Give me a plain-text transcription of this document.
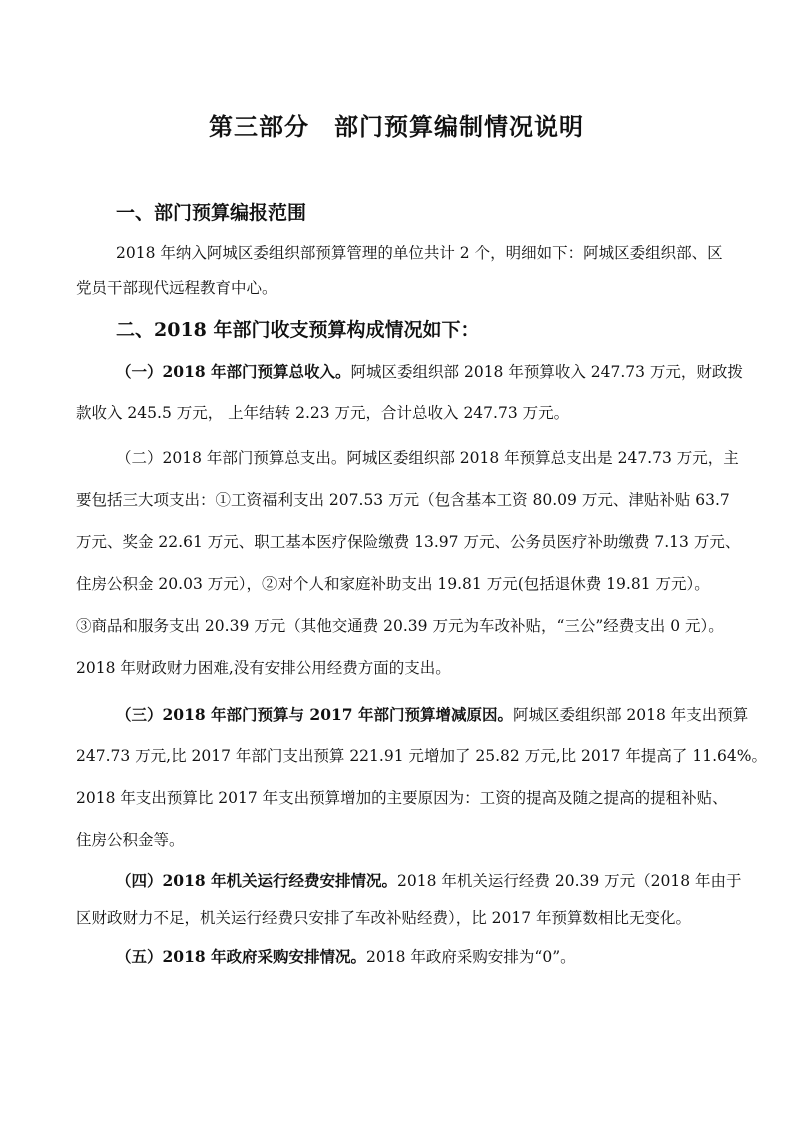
第三部分　部门预算编制情况说明
一、部门预算编报范围
2018 年纳入阿城区委组织部预算管理的单位共计 2 个，明细如下：阿城区委组织部、区
党员干部现代远程教育中心。
二、2018 年部门收支预算构成情况如下：
（一）2018 年部门预算总收入。阿城区委组织部 2018 年预算收入 247.73 万元，财政拨
款收入 245.5 万元， 上年结转 2.23 万元，合计总收入 247.73 万元。
（二）2018 年部门预算总支出。阿城区委组织部 2018 年预算总支出是 247.73 万元，主
要包括三大项支出：①工资福利支出 207.53 万元（包含基本工资 80.09 万元、津贴补贴 63.7
万元、奖金 22.61 万元、职工基本医疗保险缴费 13.97 万元、公务员医疗补助缴费 7.13 万元、
住房公积金 20.03 万元），②对个人和家庭补助支出 19.81 万元(包括退休费 19.81 万元）。
③商品和服务支出 20.39 万元（其他交通费 20.39 万元为车改补贴，“三公”经费支出 0 元）。
2018 年财政财力困难,没有安排公用经费方面的支出。
（三）2018 年部门预算与 2017 年部门预算增减原因。阿城区委组织部 2018 年支出预算
247.73 万元,比 2017 年部门支出预算 221.91 元增加了 25.82 万元,比 2017 年提高了 11.64%。
2018 年支出预算比 2017 年支出预算增加的主要原因为：工资的提高及随之提高的提租补贴、
住房公积金等。
（四）2018 年机关运行经费安排情况。2018 年机关运行经费 20.39 万元（2018 年由于
区财政财力不足，机关运行经费只安排了车改补贴经费），比 2017 年预算数相比无变化。
（五）2018 年政府采购安排情况。2018 年政府采购安排为“0”。
